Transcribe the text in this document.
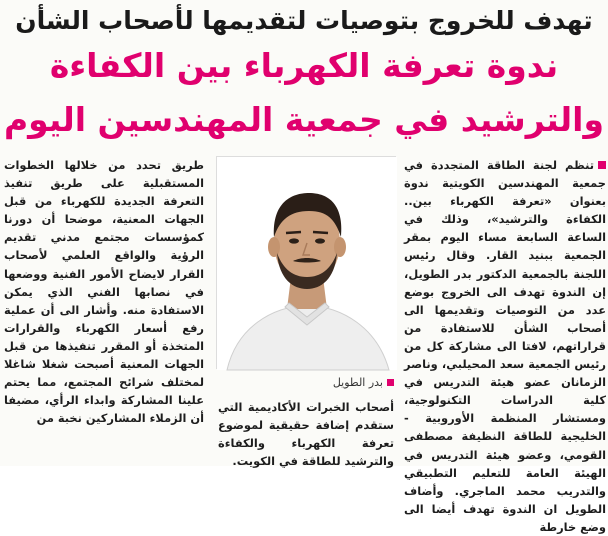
تهدف للخروج بتوصيات لتقديمها لأصحاب الشأن
ندوة تعرفة الكهرباء بين الكفاءة
والترشيد في جمعية المهندسين اليوم
تنظم لجنة الطاقة المتجددة في جمعية المهندسين الكويتية ندوة بعنوان «تعرفة الكهرباء بين.. الكفاءة والترشيد»، وذلك في الساعة السابعة مساء اليوم بمقر الجمعية ببنيد القار. وقال رئيس اللجنة بالجمعية الدكتور بدر الطويل، إن الندوة تهدف الى الخروج بوضع عدد من التوصيات وتقديمها الى أصحاب الشأن للاستفادة من قراراتهم، لافتا الى مشاركة كل من رئيس الجمعية سعد المحيلبي، وناصر الزمانان عضو هيئة التدريس في كلية الدراسات التكنولوجية، ومستشار المنظمة الأوروبية - الخليجية للطاقة النظيفة مصطفى القومي، وعضو هيئة التدريس في الهيئة العامة للتعليم التطبيقي والتدريب محمد الماجري. وأضاف الطويل ان الندوة تهدف أيضا الى وضع خارطة
بدر الطويل
أصحاب الخبرات الأكاديمية التي ستقدم إضافة حقيقية لموضوع تعرفة الكهرباء والكفاءة والترشيد للطاقة في الكويت.
طريق تحدد من خلالها الخطوات المستقبلية على طريق تنفيذ التعرفة الجديدة للكهرباء من قبل الجهات المعنية، موضحا أن دورنا كمؤسسات مجتمع مدني تقديم الرؤية والواقع العلمي لأصحاب القرار لايضاح الأمور الفنية ووضعها في نصابها الفني الذي يمكن الاستفادة منه. وأشار الى أن عملية رفع أسعار الكهرباء والقرارات المتخذة أو المقرر تنفيذها من قبل الجهات المعنية أصبحت شغلا شاغلا لمختلف شرائح المجتمع، مما يحتم علينا المشاركة وابداء الرأي، مضيفا أن الزملاء المشاركين نخبة من
